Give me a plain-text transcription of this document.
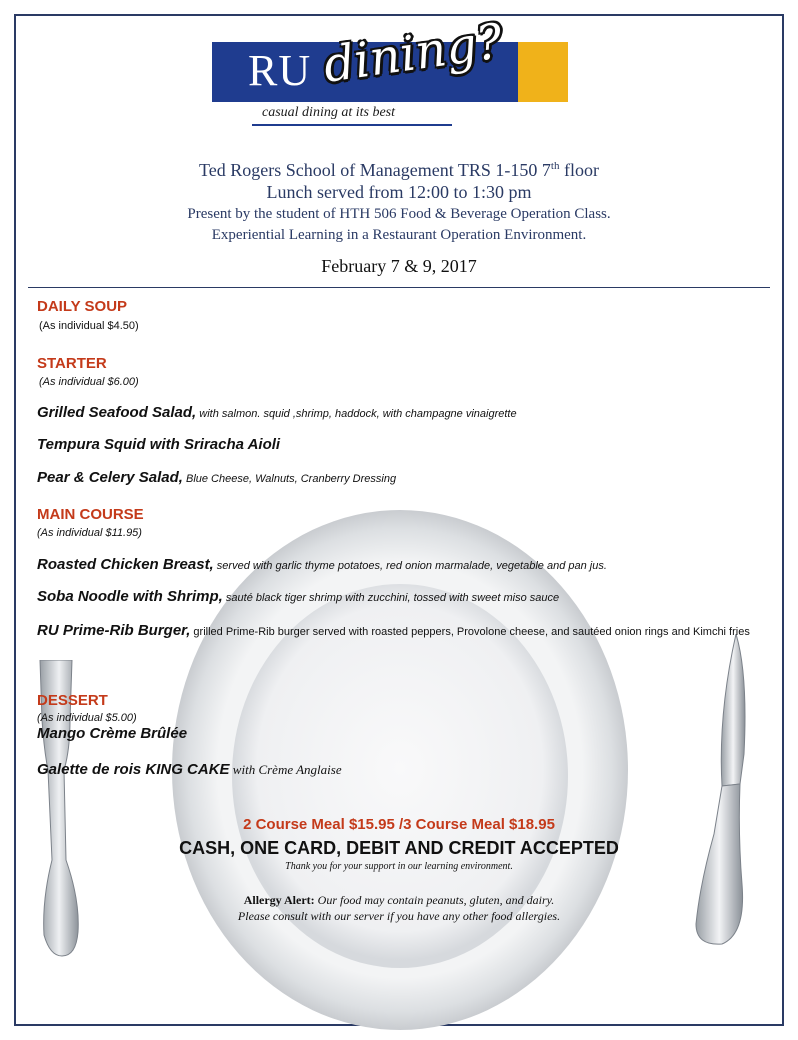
RU dining?
casual dining at its best
Ted Rogers School of Management TRS 1-150 7th floor
Lunch served from 12:00 to 1:30 pm
Present by the student of HTH 506 Food & Beverage Operation Class.
Experiential Learning in a Restaurant Operation Environment.
February 7 & 9, 2017
DAILY SOUP
(As individual $4.50)
STARTER
(As individual $6.00)
Grilled Seafood Salad, with salmon. squid ,shrimp, haddock, with champagne vinaigrette
Tempura Squid with Sriracha Aioli
Pear & Celery Salad, Blue Cheese, Walnuts, Cranberry Dressing
MAIN COURSE
(As individual $11.95)
Roasted Chicken Breast, served with garlic thyme potatoes, red onion marmalade, vegetable and pan jus.
Soba Noodle with Shrimp, sauté black tiger shrimp with zucchini, tossed with sweet miso sauce
RU Prime-Rib Burger, grilled Prime-Rib burger served with roasted peppers, Provolone cheese, and sautéed onion rings and Kimchi fries
DESSERT
(As individual $5.00)
Mango Crème Brûlée
Galette de rois KING CAKE with Crème Anglaise
2 Course Meal $15.95 /3 Course Meal $18.95
CASH, ONE CARD, DEBIT AND CREDIT ACCEPTED
Thank you for your support in our learning environment.
Allergy Alert: Our food may contain peanuts, gluten, and dairy.
Please consult with our server if you have any other food allergies.
